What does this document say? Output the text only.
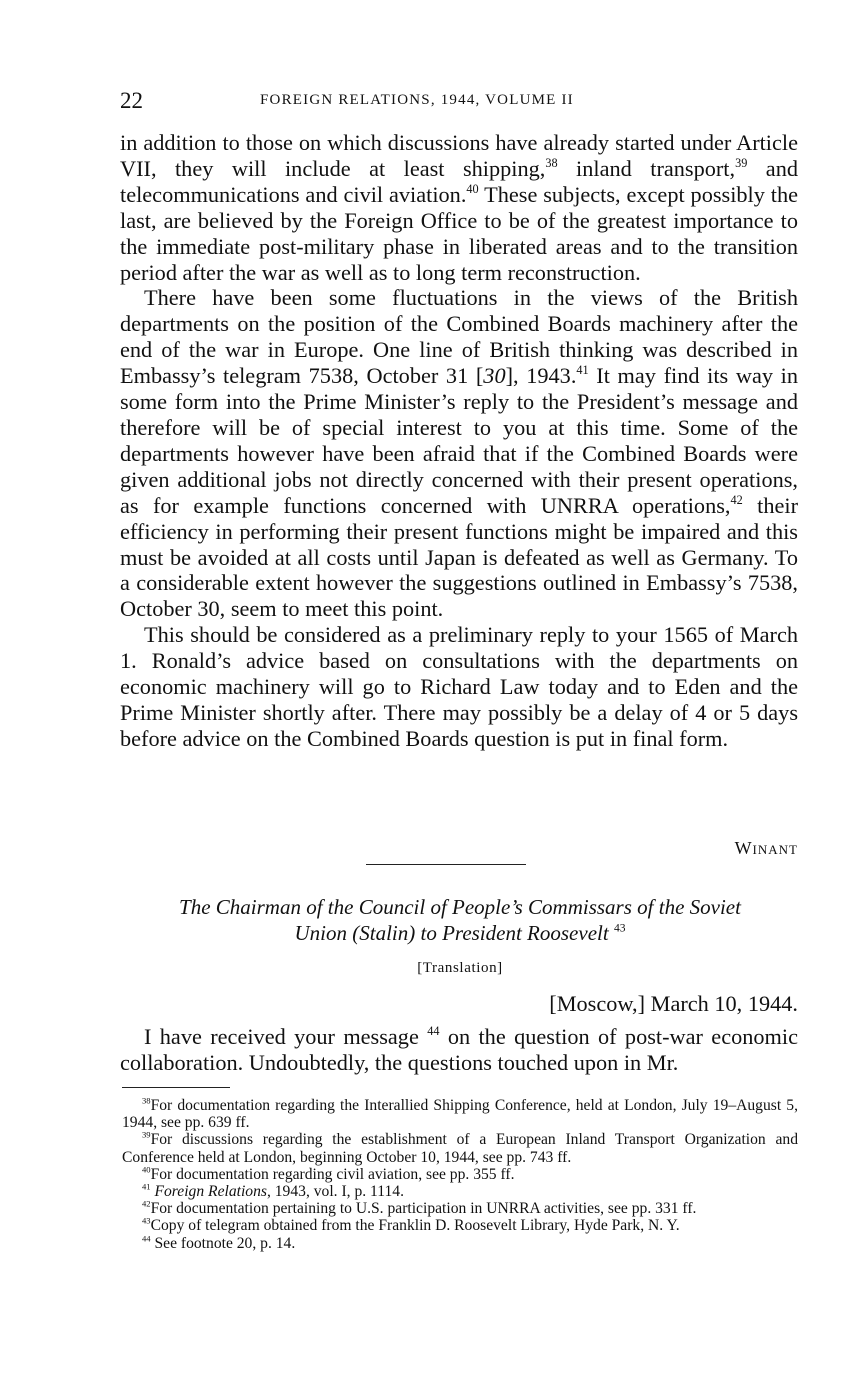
22	FOREIGN RELATIONS, 1944, VOLUME II

in addition to those on which discussions have already started under Article VII, they will include at least shipping,$^{38}$ inland transport,$^{39}$ and telecommunications and civil aviation.$^{40}$ These subjects, except possibly the last, are believed by the Foreign Office to be of the greatest importance to the immediate post-military phase in liberated areas and to the transition period after the war as well as to long term reconstruction.

There have been some fluctuations in the views of the British departments on the position of the Combined Boards machinery after the end of the war in Europe. One line of British thinking was described in Embassy’s telegram 7538, October 31 [30], 1943.41 It may find its way in some form into the Prime Minister’s reply to the President’s message and therefore will be of special interest to you at this time. Some of the departments however have been afraid that if the Combined Boards were given additional jobs not directly concerned with their present operations, as for example functions concerned with UNRRA operations,$^{42}$ their efficiency in performing their present functions might be impaired and this must be avoided at all costs until Japan is defeated as well as Germany. To a considerable extent however the suggestions outlined in Embassy’s 7538, October 30, seem to meet this point.

This should be considered as a preliminary reply to your 1565 of March 1. Ronald’s advice based on consultations with the departments on economic machinery will go to Richard Law today and to Eden and the Prime Minister shortly after. There may possibly be a delay of 4 or 5 days before advice on the Combined Boards question is put in final form.

Winant
The Chairman of the Council of People’s Commissars of the Soviet
Union (Stalin) to President Roosevelt $^{43}$
[Translation]
[Moscow,] March 10, 1944.

I have received your message $^{44}$ on the question of post-war economic collaboration. Undoubtedly, the questions touched upon in Mr.

$^{38}$For documentation regarding the Interallied Shipping Conference, held at London, July 19–August 5, 1944, see pp. 639 ff.
$^{39}$For discussions regarding the establishment of a European Inland Transport Organization and Conference held at London, beginning October 10, 1944, see pp. 743 ff.
$^{40}$For documentation regarding civil aviation, see pp. 355 ff.
$^{41}$ Foreign Relations, 1943, vol. I, p. 1114.
$^{42}$For documentation pertaining to U.S. participation in UNRRA activities, see pp. 331 ff.
$^{43}$Copy of telegram obtained from the Franklin D. Roosevelt Library, Hyde Park, N. Y.
$^{44}$ See footnote 20, p. 14.
